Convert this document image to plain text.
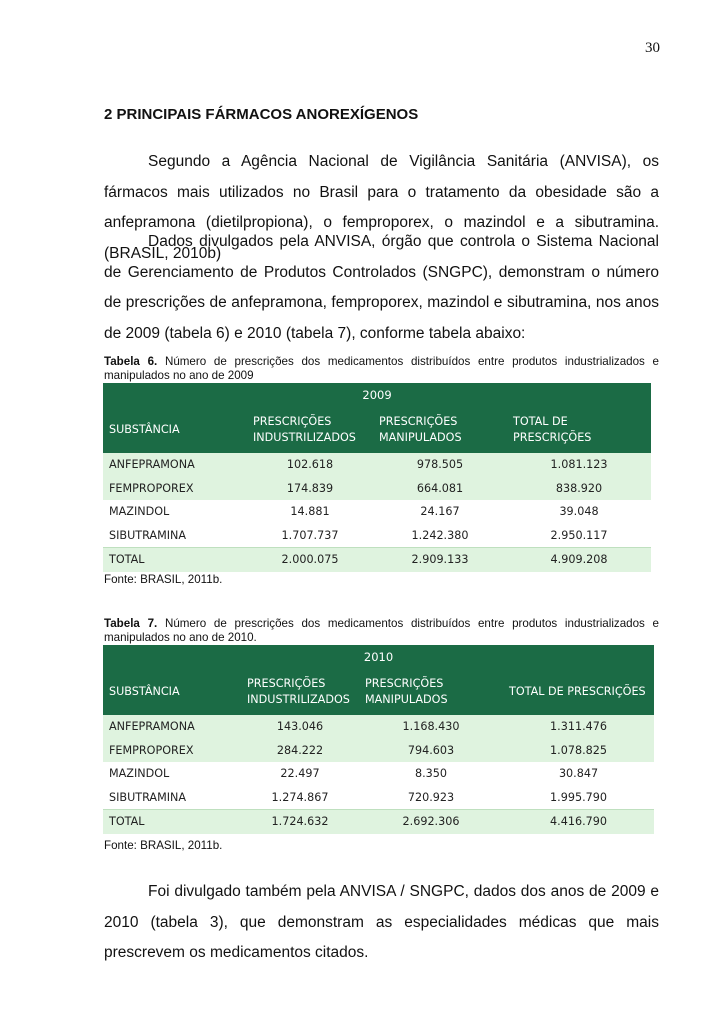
30
2 PRINCIPAIS FÁRMACOS ANOREXÍGENOS

Segundo a Agência Nacional de Vigilância Sanitária (ANVISA), os fármacos mais utilizados no Brasil para o tratamento da obesidade são a anfepramona (dietilpropiona), o femproporex, o mazindol e a sibutramina. (BRASIL, 2010b)

Dados divulgados pela ANVISA, órgão que controla o Sistema Nacional de Gerenciamento de Produtos Controlados (SNGPC), demonstram o número de prescrições de anfepramona, femproporex, mazindol e sibutramina, nos anos de 2009 (tabela 6) e 2010 (tabela 7), conforme tabela abaixo:

Tabela 6. Número de prescrições dos medicamentos distribuídos entre produtos industrializados e manipulados no ano de 2009

2009			
SUBSTÂNCIA	PRESCRIÇÕES INDUSTRILIZADOS	PRESCRIÇÕES MANIPULADOS	TOTAL DE PRESCRIÇÕES
ANFEPRAMONA	102.618	978.505	1.081.123
FEMPROPOREX	174.839	664.081	838.920
MAZINDOL	14.881	24.167	39.048
SIBUTRAMINA	1.707.737	1.242.380	2.950.117
TOTAL	2.000.075	2.909.133	4.909.208
Fonte: BRASIL, 2011b.

Tabela 7. Número de prescrições dos medicamentos distribuídos entre produtos industrializados e manipulados no ano de 2010.

2010			
SUBSTÂNCIA	PRESCRIÇÕES INDUSTRILIZADOS	PRESCRIÇÕES MANIPULADOS	TOTAL DE PRESCRIÇÕES
ANFEPRAMONA	143.046	1.168.430	1.311.476
FEMPROPOREX	284.222	794.603	1.078.825
MAZINDOL	22.497	8.350	30.847
SIBUTRAMINA	1.274.867	720.923	1.995.790
TOTAL	1.724.632	2.692.306	4.416.790
Fonte: BRASIL, 2011b.

Foi divulgado também pela ANVISA / SNGPC, dados dos anos de 2009 e 2010 (tabela 3), que demonstram as especialidades médicas que mais prescrevem os medicamentos citados.
